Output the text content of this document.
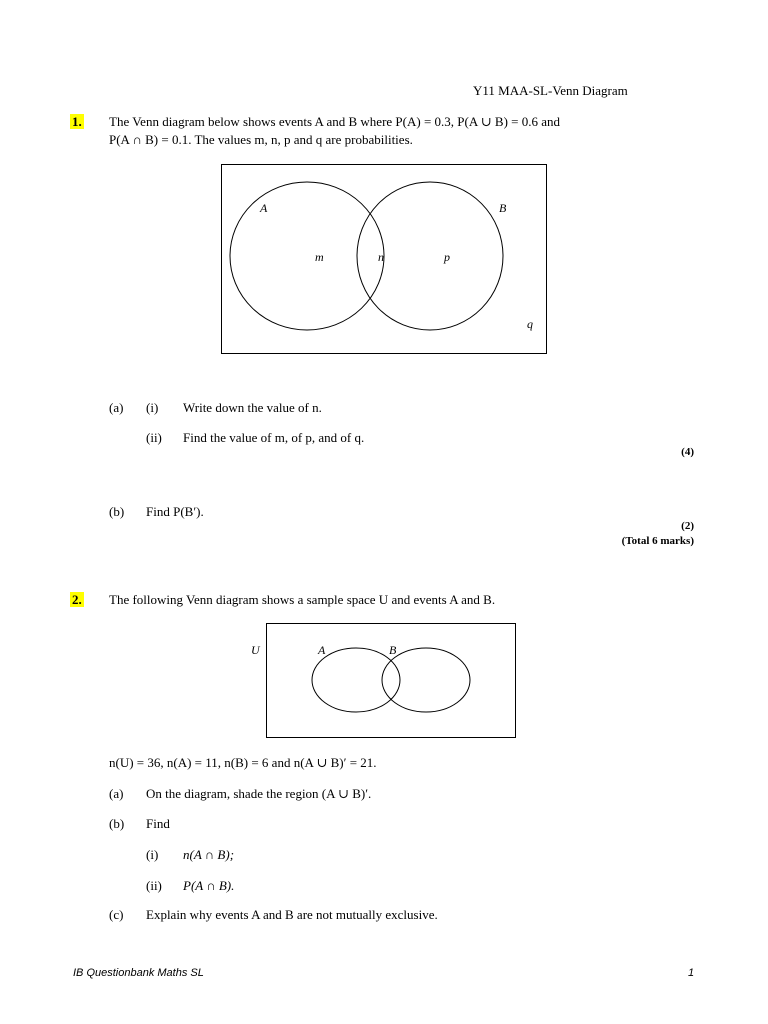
Y11 MAA-SL-Venn Diagram
1. The Venn diagram below shows events A and B where P(A) = 0.3, P(A ∪ B) = 0.6 and
P(A ∩ B) = 0.1. The values m, n, p and q are probabilities.
A	B
m	n	p
q
(a) (i) Write down the value of n.
(ii) Find the value of m, of p, and of q.
(4)
(b) Find P(B′).
(2)
(Total 6 marks)
2. The following Venn diagram shows a sample space U and events A and B.
U	A	B
n(U) = 36, n(A) = 11, n(B) = 6 and n(A ∪ B)′ = 21.
(a) On the diagram, shade the region (A ∪ B)′.
(b) Find
(i) n(A ∩ B);
(ii) P(A ∩ B).
(c) Explain why events A and B are not mutually exclusive.
IB Questionbank Maths SL	1
